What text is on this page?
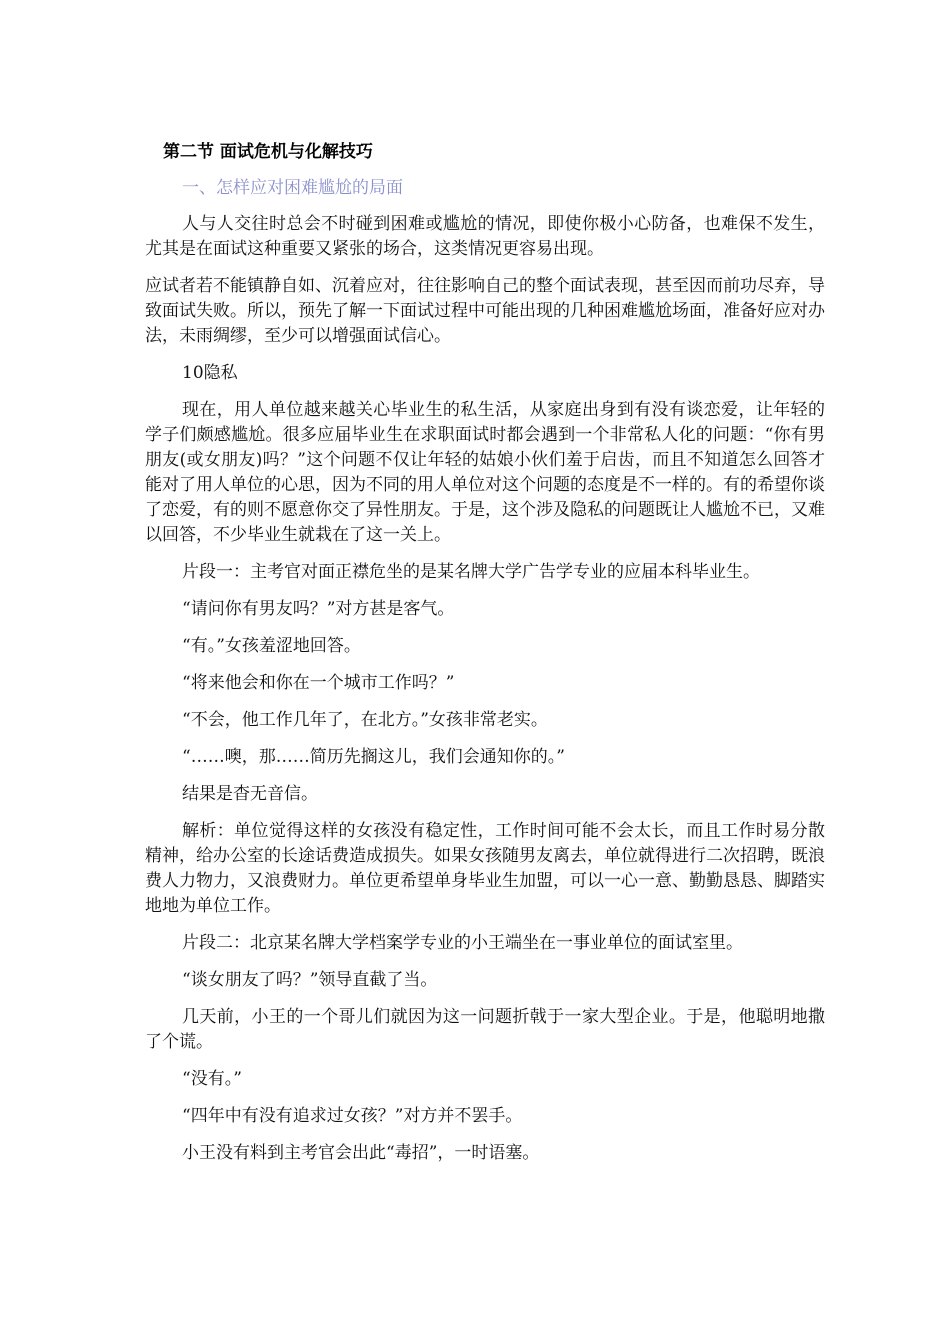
第二节 面试危机与化解技巧
一、怎样应对困难尴尬的局面

人与人交往时总会不时碰到困难或尴尬的情况，即使你极小心防备，也难保不发生，尤其是在面试这种重要又紧张的场合，这类情况更容易出现。

应试者若不能镇静自如、沉着应对，往往影响自己的整个面试表现，甚至因而前功尽弃，导致面试失败。所以，预先了解一下面试过程中可能出现的几种困难尴尬场面，准备好应对办法，未雨绸缪，至少可以增强面试信心。

10隐私

现在，用人单位越来越关心毕业生的私生活，从家庭出身到有没有谈恋爱，让年轻的学子们颇感尴尬。很多应届毕业生在求职面试时都会遇到一个非常私人化的问题：“你有男朋友(或女朋友)吗？”这个问题不仅让年轻的姑娘小伙们羞于启齿，而且不知道怎么回答才能对了用人单位的心思，因为不同的用人单位对这个问题的态度是不一样的。有的希望你谈了恋爱，有的则不愿意你交了异性朋友。于是，这个涉及隐私的问题既让人尴尬不已，又难以回答，不少毕业生就栽在了这一关上。

片段一：主考官对面正襟危坐的是某名牌大学广告学专业的应届本科毕业生。

“请问你有男友吗？”对方甚是客气。

“有。”女孩羞涩地回答。

“将来他会和你在一个城市工作吗？”

“不会，他工作几年了，在北方。”女孩非常老实。

“……噢，那……简历先搁这儿，我们会通知你的。”

结果是杳无音信。

解析：单位觉得这样的女孩没有稳定性，工作时间可能不会太长，而且工作时易分散精神，给办公室的长途话费造成损失。如果女孩随男友离去，单位就得进行二次招聘，既浪费人力物力，又浪费财力。单位更希望单身毕业生加盟，可以一心一意、勤勤恳恳、脚踏实地地为单位工作。

片段二：北京某名牌大学档案学专业的小王端坐在一事业单位的面试室里。

“谈女朋友了吗？”领导直截了当。

几天前，小王的一个哥儿们就因为这一问题折戟于一家大型企业。于是，他聪明地撒了个谎。

“没有。”

“四年中有没有追求过女孩？”对方并不罢手。

小王没有料到主考官会出此“毒招”，一时语塞。
